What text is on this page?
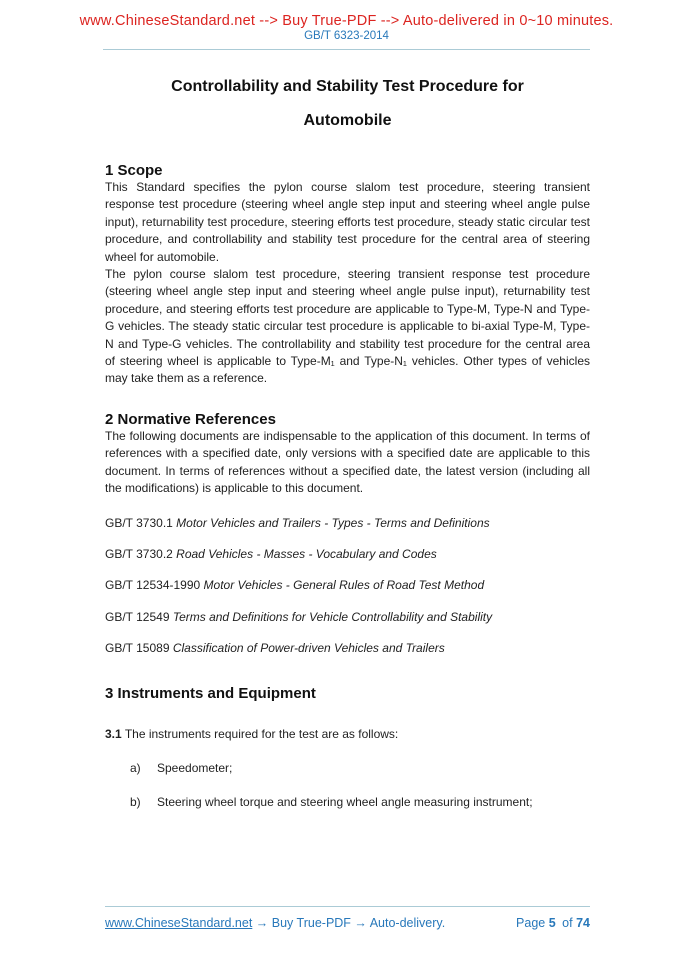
www.ChineseStandard.net --> Buy True-PDF --> Auto-delivered in 0~10 minutes.
GB/T 6323-2014
Controllability and Stability Test Procedure for
Automobile
1 Scope

This Standard specifies the pylon course slalom test procedure, steering transient response test procedure (steering wheel angle step input and steering wheel angle pulse input), returnability test procedure, steering efforts test procedure, steady static circular test procedure, and controllability and stability test procedure for the central area of steering wheel for automobile.

The pylon course slalom test procedure, steering transient response test procedure (steering wheel angle step input and steering wheel angle pulse input), returnability test procedure, and steering efforts test procedure are applicable to Type-M, Type-N and Type-G vehicles. The steady static circular test procedure is applicable to bi-axial Type-M, Type-N and Type-G vehicles. The controllability and stability test procedure for the central area of steering wheel is applicable to Type-M₁ and Type-N₁ vehicles. Other types of vehicles may take them as a reference.

2 Normative References

The following documents are indispensable to the application of this document. In terms of references with a specified date, only versions with a specified date are applicable to this document. In terms of references without a specified date, the latest version (including all the modifications) is applicable to this document.

GB/T 3730.1 Motor Vehicles and Trailers - Types - Terms and Definitions
GB/T 3730.2 Road Vehicles - Masses - Vocabulary and Codes
GB/T 12534-1990 Motor Vehicles - General Rules of Road Test Method
GB/T 12549 Terms and Definitions for Vehicle Controllability and Stability
GB/T 15089 Classification of Power-driven Vehicles and Trailers
3 Instruments and Equipment
3.1 The instruments required for the test are as follows:
a)	Speedometer;
b)	Steering wheel torque and steering wheel angle measuring instrument;
www.ChineseStandard.net → Buy True-PDF → Auto-delivery.	Page 5 of 74
